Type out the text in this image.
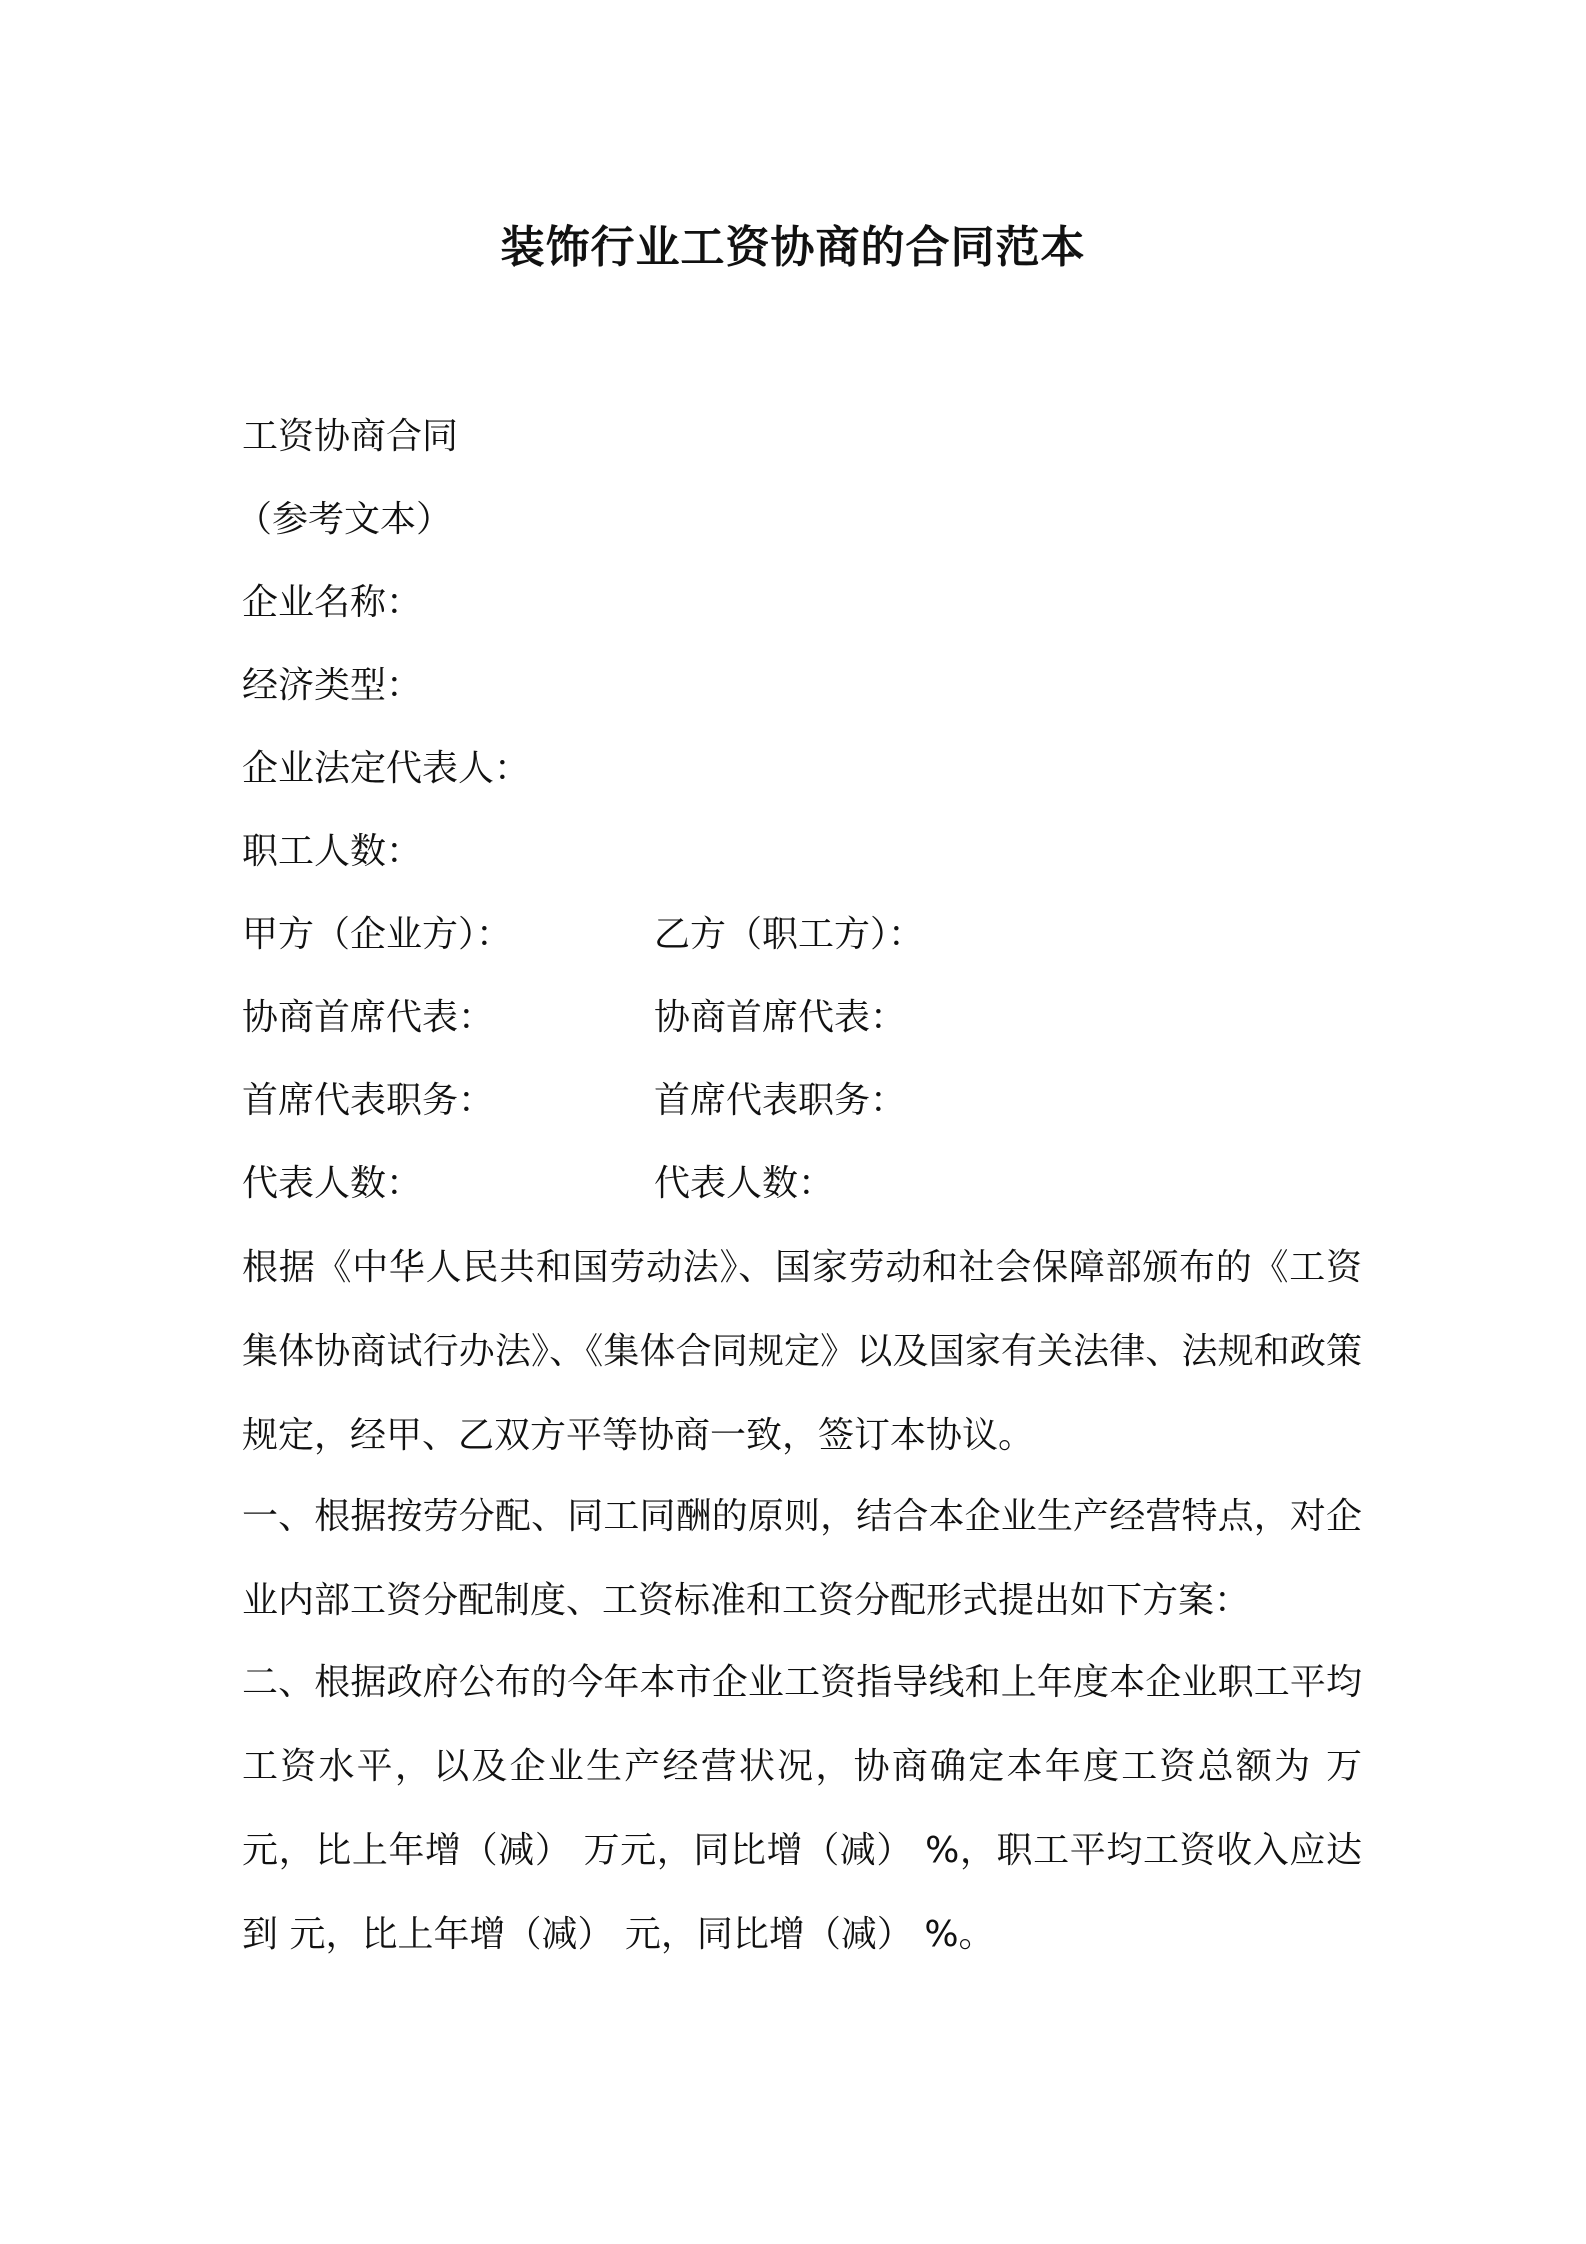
装饰行业工资协商的合同范本
工资协商合同
（参考文本）
企业名称：
经济类型：
企业法定代表人：
职工人数：
甲方（企业方）：	乙方（职工方）：
协商首席代表：	协商首席代表：
首席代表职务：	首席代表职务：
代表人数：	代表人数：
根据《中华人民共和国劳动法》、国家劳动和社会保障部颁布的《工资集体协商试行办法》、《集体合同规定》以及国家有关法律、法规和政策规定，经甲、乙双方平等协商一致，签订本协议。
一、根据按劳分配、同工同酬的原则，结合本企业生产经营特点，对企业内部工资分配制度、工资标准和工资分配形式提出如下方案：
二、根据政府公布的今年本市企业工资指导线和上年度本企业职工平均工资水平，以及企业生产经营状况，协商确定本年度工资总额为 万元，比上年增（减） 万元，同比增（减） %，职工平均工资收入应达到 元，比上年增（减） 元，同比增（减） %。
